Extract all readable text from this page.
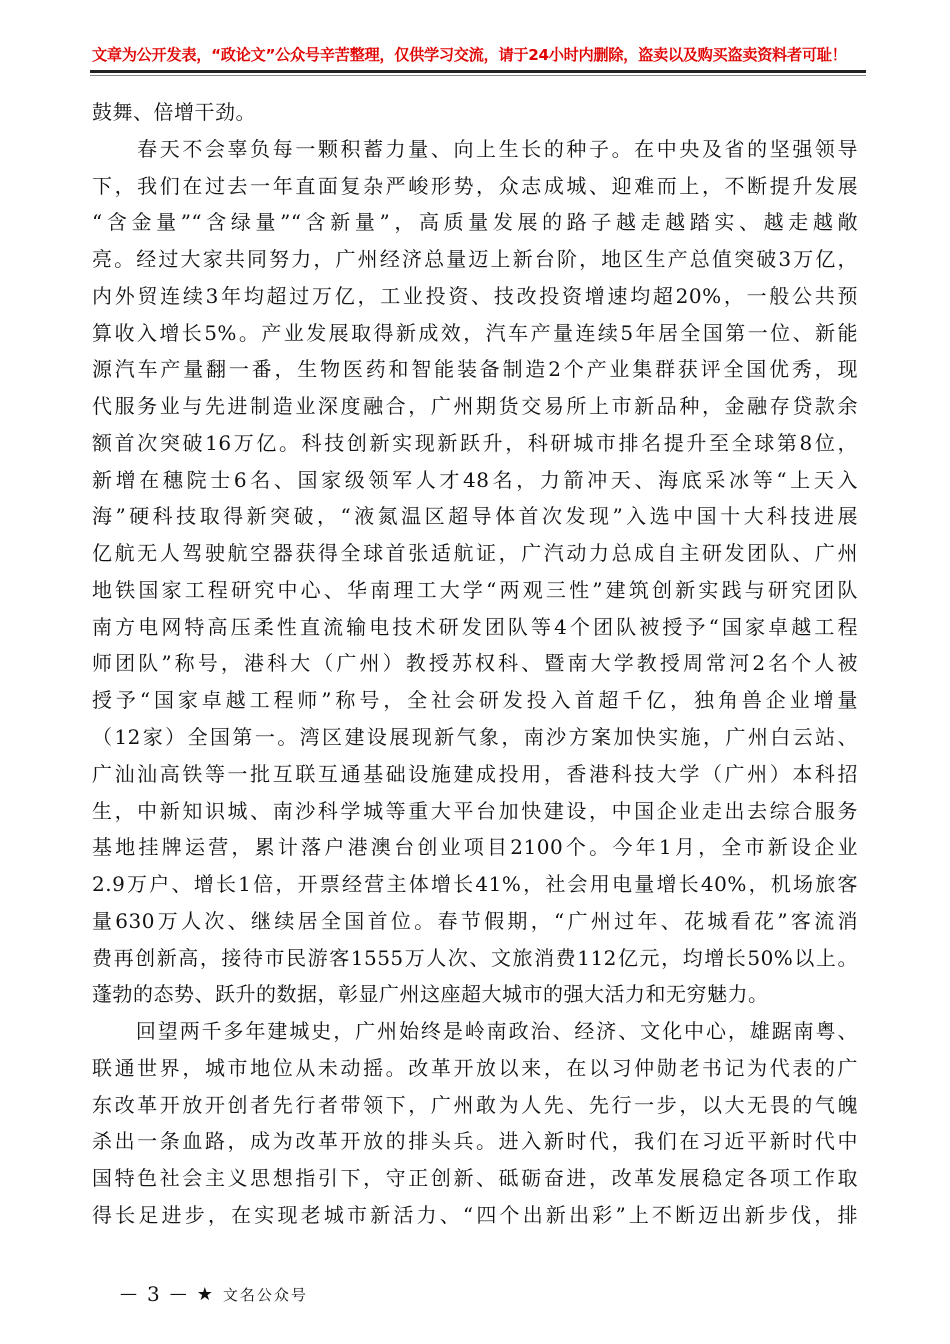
文章为公开发表，“政论文”公众号辛苦整理，仅供学习交流，请于24小时内删除，盗卖以及购买盗卖资料者可耻！
鼓舞、倍增干劲。
　　春天不会辜负每一颗积蓄力量、向上生长的种子。在中央及省的坚强领导
下，我们在过去一年直面复杂严峻形势，众志成城、迎难而上，不断提升发展
“含金量”“含绿量”“含新量”，高质量发展的路子越走越踏实、越走越敞
亮。经过大家共同努力，广州经济总量迈上新台阶，地区生产总值突破3万亿，
内外贸连续3年均超过万亿，工业投资、技改投资增速均超20%，一般公共预
算收入增长5%。产业发展取得新成效，汽车产量连续5年居全国第一位、新能
源汽车产量翻一番，生物医药和智能装备制造2个产业集群获评全国优秀，现
代服务业与先进制造业深度融合，广州期货交易所上市新品种，金融存贷款余
额首次突破16万亿。科技创新实现新跃升，科研城市排名提升至全球第8位，
新增在穗院士6名、国家级领军人才48名，力箭冲天、海底采冰等“上天入
海”硬科技取得新突破，“液氮温区超导体首次发现”入选中国十大科技进展
亿航无人驾驶航空器获得全球首张适航证，广汽动力总成自主研发团队、广州
地铁国家工程研究中心、华南理工大学“两观三性”建筑创新实践与研究团队
南方电网特高压柔性直流输电技术研发团队等4个团队被授予“国家卓越工程
师团队”称号，港科大（广州）教授苏权科、暨南大学教授周常河2名个人被
授予“国家卓越工程师”称号，全社会研发投入首超千亿，独角兽企业增量
（12家）全国第一。湾区建设展现新气象，南沙方案加快实施，广州白云站、
广汕汕高铁等一批互联互通基础设施建成投用，香港科技大学（广州）本科招
生，中新知识城、南沙科学城等重大平台加快建设，中国企业走出去综合服务
基地挂牌运营，累计落户港澳台创业项目2100个。今年1月，全市新设企业
2.9万户、增长1倍，开票经营主体增长41%，社会用电量增长40%，机场旅客
量630万人次、继续居全国首位。春节假期，“广州过年、花城看花”客流消
费再创新高，接待市民游客1555万人次、文旅消费112亿元，均增长50%以上。
蓬勃的态势、跃升的数据，彰显广州这座超大城市的强大活力和无穷魅力。
　　回望两千多年建城史，广州始终是岭南政治、经济、文化中心，雄踞南粤、
联通世界，城市地位从未动摇。改革开放以来，在以习仲勋老书记为代表的广
东改革开放开创者先行者带领下，广州敢为人先、先行一步，以大无畏的气魄
杀出一条血路，成为改革开放的排头兵。进入新时代，我们在习近平新时代中
国特色社会主义思想指引下，守正创新、砥砺奋进，改革发展稳定各项工作取
得长足进步，在实现老城市新活力、“四个出新出彩”上不断迈出新步伐，排
— 3 — ★ 文名公众号
